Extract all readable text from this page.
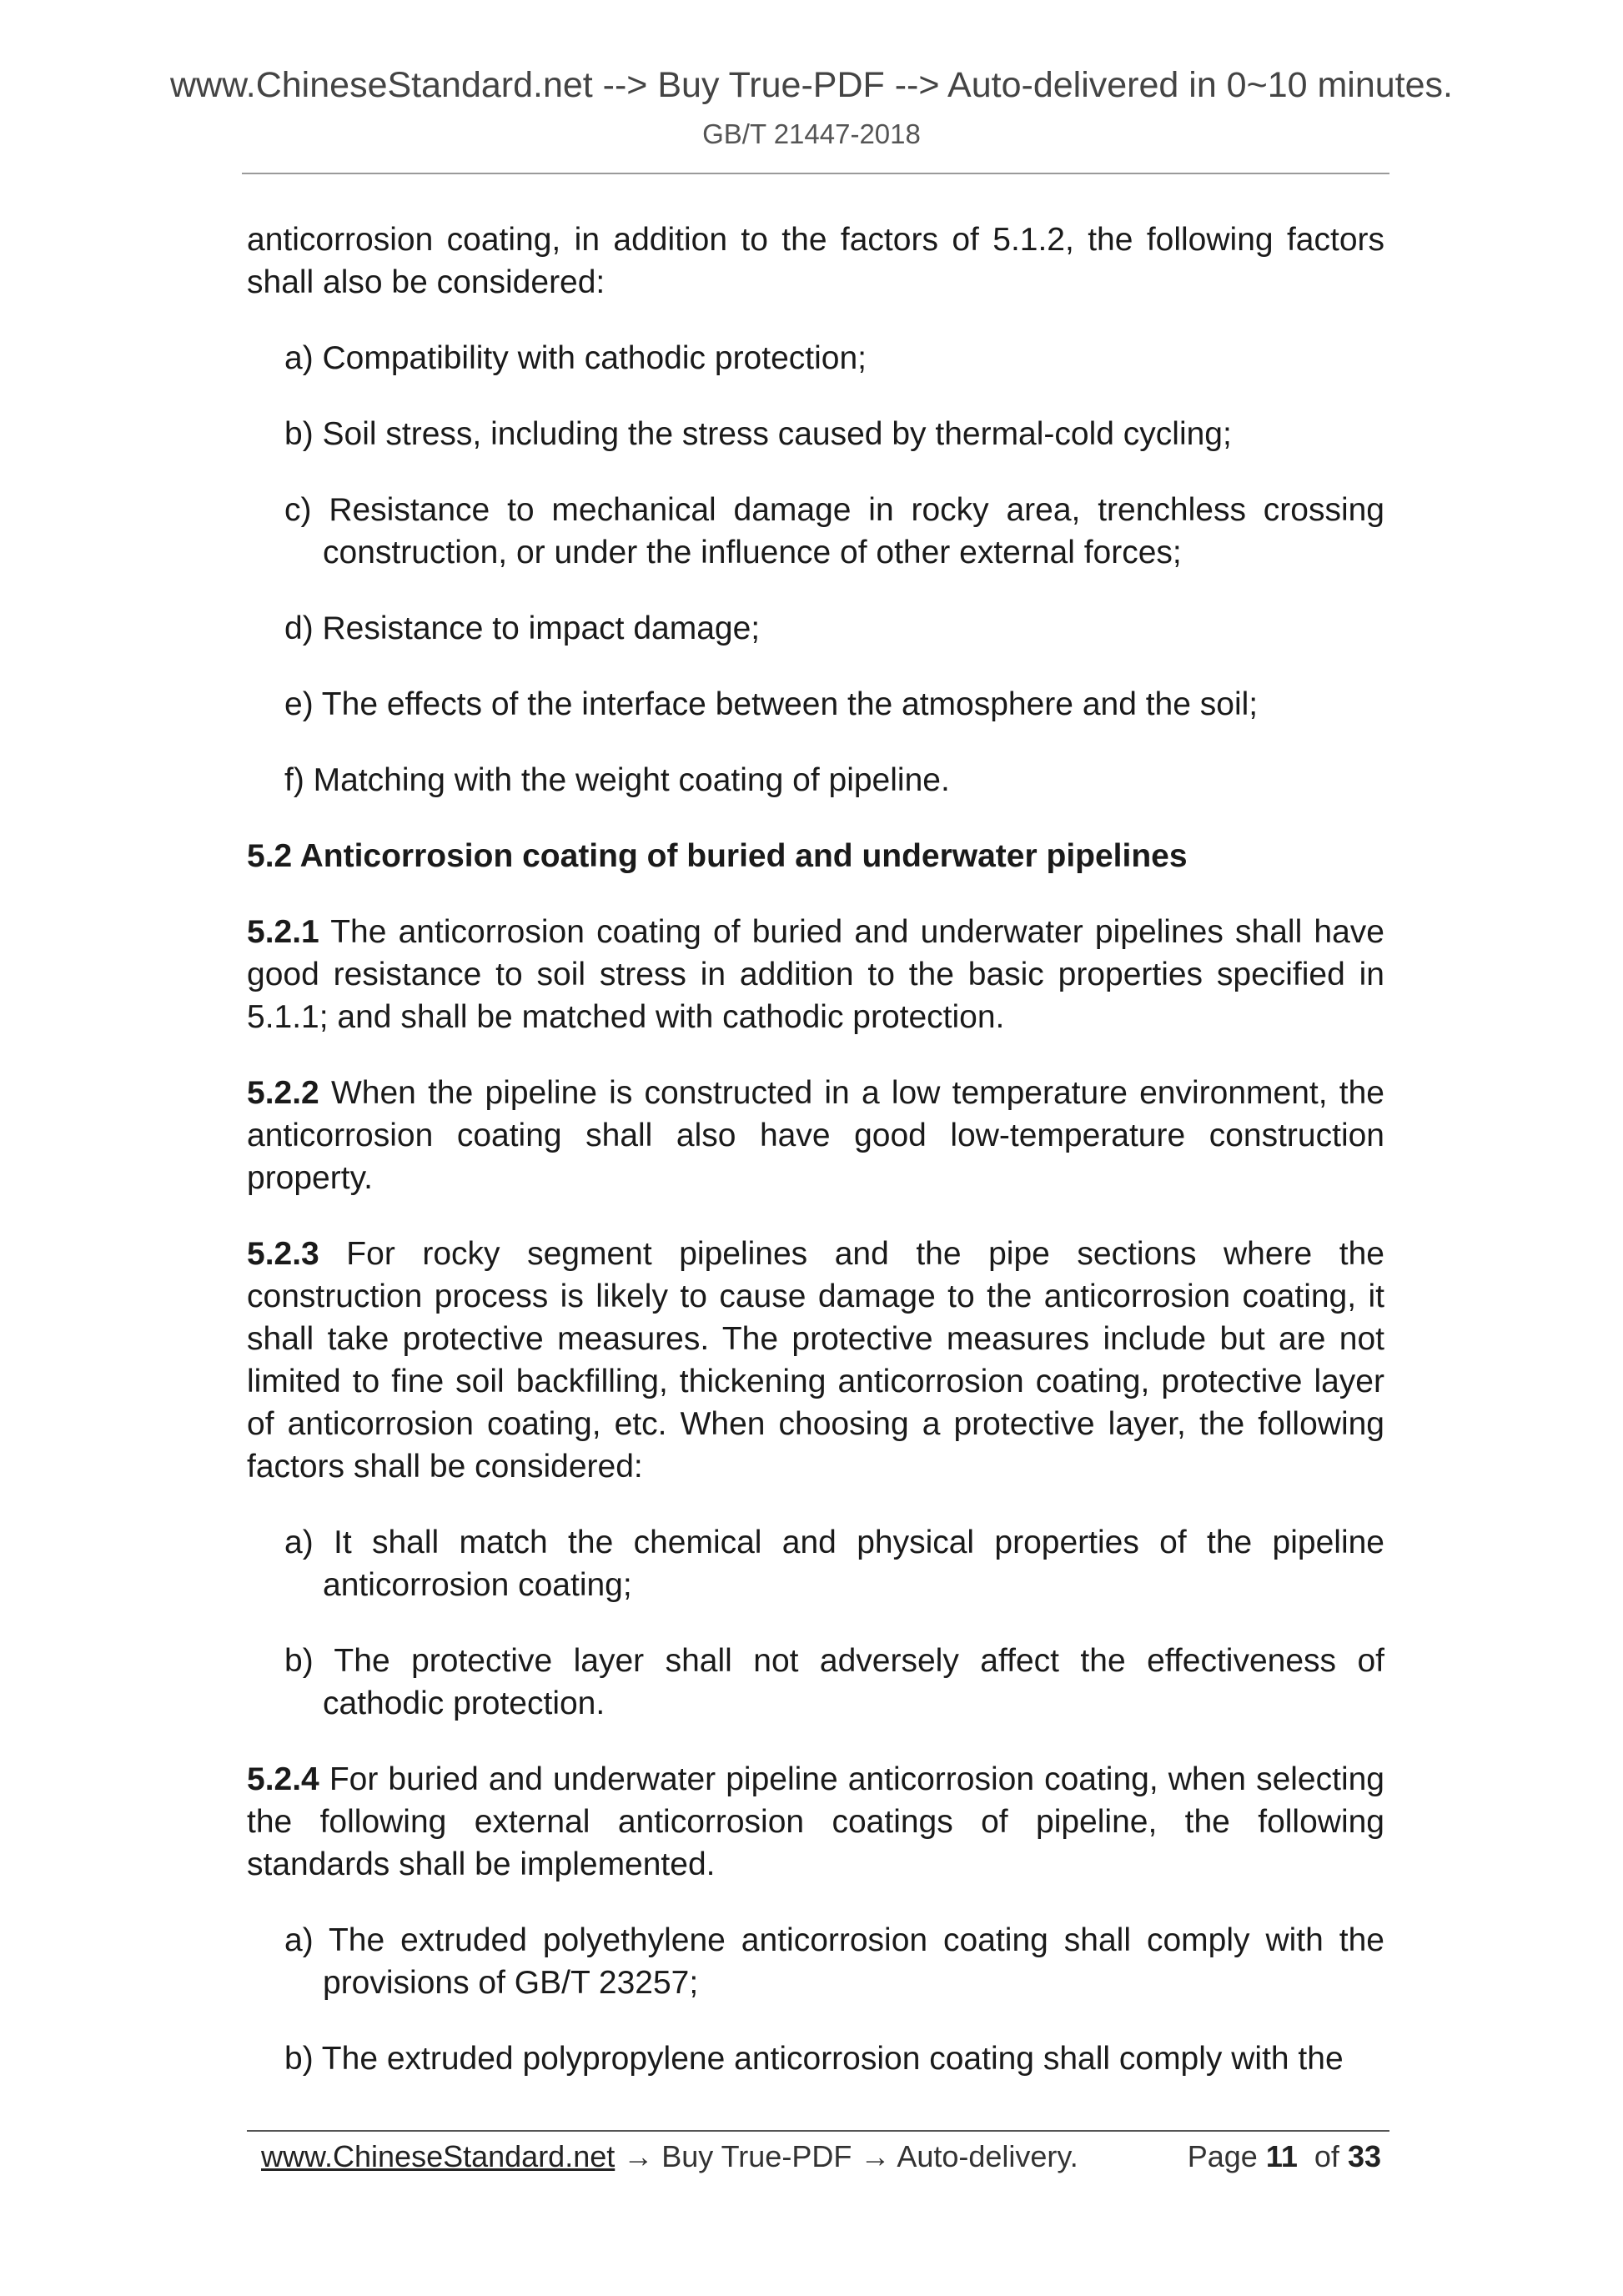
www.ChineseStandard.net --> Buy True-PDF --> Auto-delivered in 0~10 minutes.
GB/T 21447-2018

anticorrosion coating, in addition to the factors of 5.1.2, the following factors shall also be considered:

a) Compatibility with cathodic protection;

b) Soil stress, including the stress caused by thermal-cold cycling;

c) Resistance to mechanical damage in rocky area, trenchless crossing construction, or under the influence of other external forces;

d) Resistance to impact damage;

e) The effects of the interface between the atmosphere and the soil;

f) Matching with the weight coating of pipeline.

5.2 Anticorrosion coating of buried and underwater pipelines

5.2.1 The anticorrosion coating of buried and underwater pipelines shall have good resistance to soil stress in addition to the basic properties specified in 5.1.1; and shall be matched with cathodic protection.

5.2.2 When the pipeline is constructed in a low temperature environment, the anticorrosion coating shall also have good low-temperature construction property.

5.2.3 For rocky segment pipelines and the pipe sections where the construction process is likely to cause damage to the anticorrosion coating, it shall take protective measures. The protective measures include but are not limited to fine soil backfilling, thickening anticorrosion coating, protective layer of anticorrosion coating, etc. When choosing a protective layer, the following factors shall be considered:

a) It shall match the chemical and physical properties of the pipeline anticorrosion coating;

b) The protective layer shall not adversely affect the effectiveness of cathodic protection.

5.2.4 For buried and underwater pipeline anticorrosion coating, when selecting the following external anticorrosion coatings of pipeline, the following standards shall be implemented.

a) The extruded polyethylene anticorrosion coating shall comply with the provisions of GB/T 23257;

b) The extruded polypropylene anticorrosion coating shall comply with the

www.ChineseStandard.net → Buy True-PDF → Auto-delivery.	Page 11 of 33
